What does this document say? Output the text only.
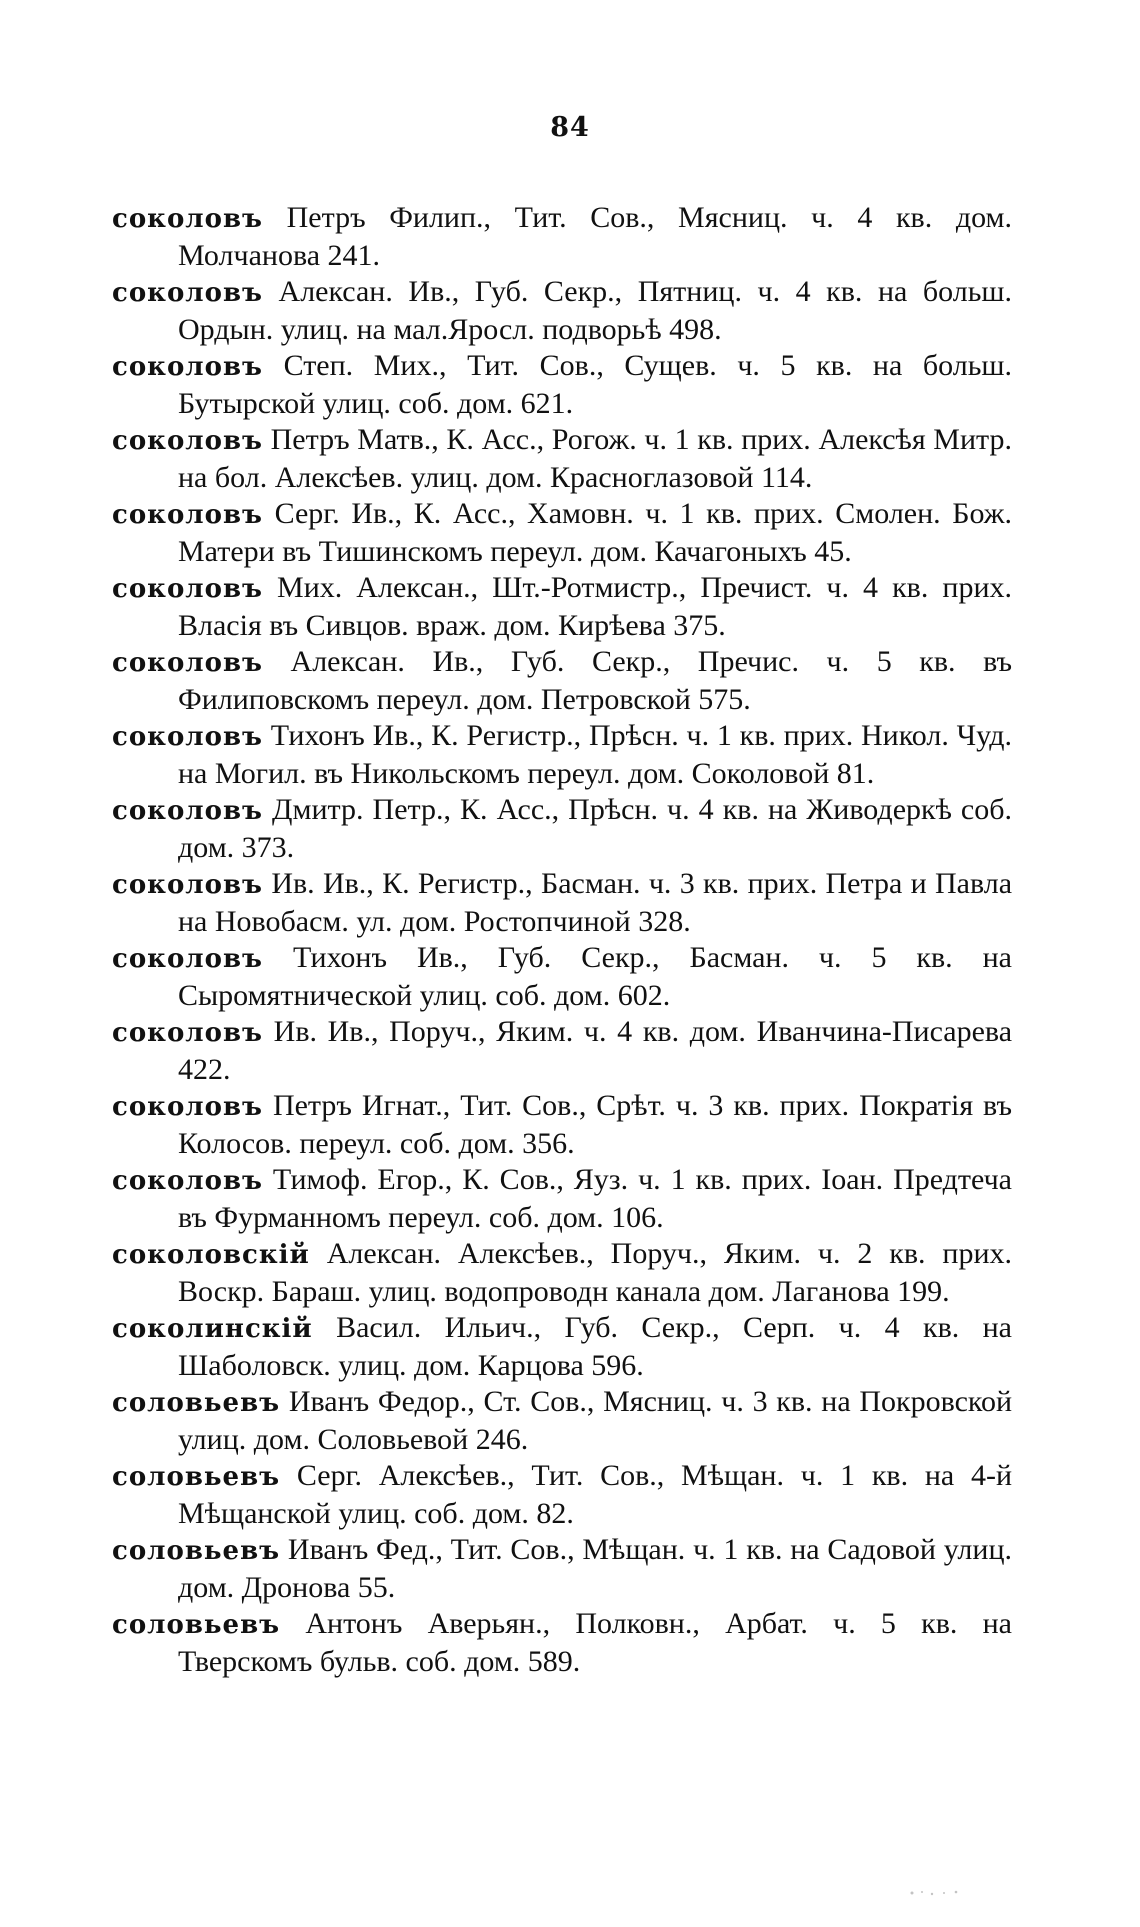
84

соколовъ Петръ Филип., Тит. Сов., Мясниц. ч. 4 кв. дом. Молчанова 241.

соколовъ Алексан. Ив., Губ. Секр., Пятниц. ч. 4 кв. на больш. Ордын. улиц. на мал.Яросл. подворьѣ 498.

соколовъ Степ. Мих., Тит. Сов., Сущев. ч. 5 кв. на больш. Бутырской улиц. соб. дом. 621.

соколовъ Петръ Матв., К. Асс., Рогож. ч. 1 кв. прих. Алексѣя Митр. на бол. Алексѣев. улиц. дом. Красноглазовой 114.

соколовъ Серг. Ив., К. Асс., Хамовн. ч. 1 кв. прих. Смолен. Бож. Матери въ Тишинскомъ переул. дом. Качагоныхъ 45.

соколовъ Мих. Алексан., Шт.-Ротмистр., Пречист. ч. 4 кв. прих. Власія въ Сивцов. враж. дом. Кирѣева 375.

соколовъ Алексан. Ив., Губ. Секр., Пречис. ч. 5 кв. въ Филиповскомъ переул. дом. Петровской 575.

соколовъ Тихонъ Ив., К. Регистр., Прѣсн. ч. 1 кв. прих. Никол. Чуд. на Могил. въ Никольскомъ переул. дом. Соколовой 81.

соколовъ Дмитр. Петр., К. Асс., Прѣсн. ч. 4 кв. на Живодеркѣ соб. дом. 373.

соколовъ Ив. Ив., К. Регистр., Басман. ч. 3 кв. прих. Петра и Павла на Новобасм. ул. дом. Ростопчиной 328.

соколовъ Тихонъ Ив., Губ. Секр., Басман. ч. 5 кв. на Сыромятнической улиц. соб. дом. 602.

соколовъ Ив. Ив., Поруч., Яким. ч. 4 кв. дом. Иванчина-Писарева 422.

соколовъ Петръ Игнат., Тит. Сов., Срѣт. ч. 3 кв. прих. Пократія въ Колосов. переул. соб. дом. 356.

соколовъ Тимоф. Егор., К. Сов., Яуз. ч. 1 кв. прих. Іоан. Предтеча въ Фурманномъ переул. соб. дом. 106.

соколовскій Алексан. Алексѣев., Поруч., Яким. ч. 2 кв. прих. Воскр. Бараш. улиц. водопроводн канала дом. Лаганова 199.

соколинскій Васил. Ильич., Губ. Секр., Серп. ч. 4 кв. на Шаболовск. улиц. дом. Карцова 596.

соловьевъ Иванъ Федор., Ст. Сов., Мясниц. ч. 3 кв. на Покровской улиц. дом. Соловьевой 246.

соловьевъ Серг. Алексѣев., Тит. Сов., Мѣщан. ч. 1 кв. на 4-й Мѣщанской улиц. соб. дом. 82.

соловьевъ Иванъ Фед., Тит. Сов., Мѣщан. ч. 1 кв. на Садовой улиц. дом. Дронова 55.

соловьевъ Антонъ Аверьян., Полковн., Арбат. ч. 5 кв. на Тверскомъ бульв. соб. дом. 589.
